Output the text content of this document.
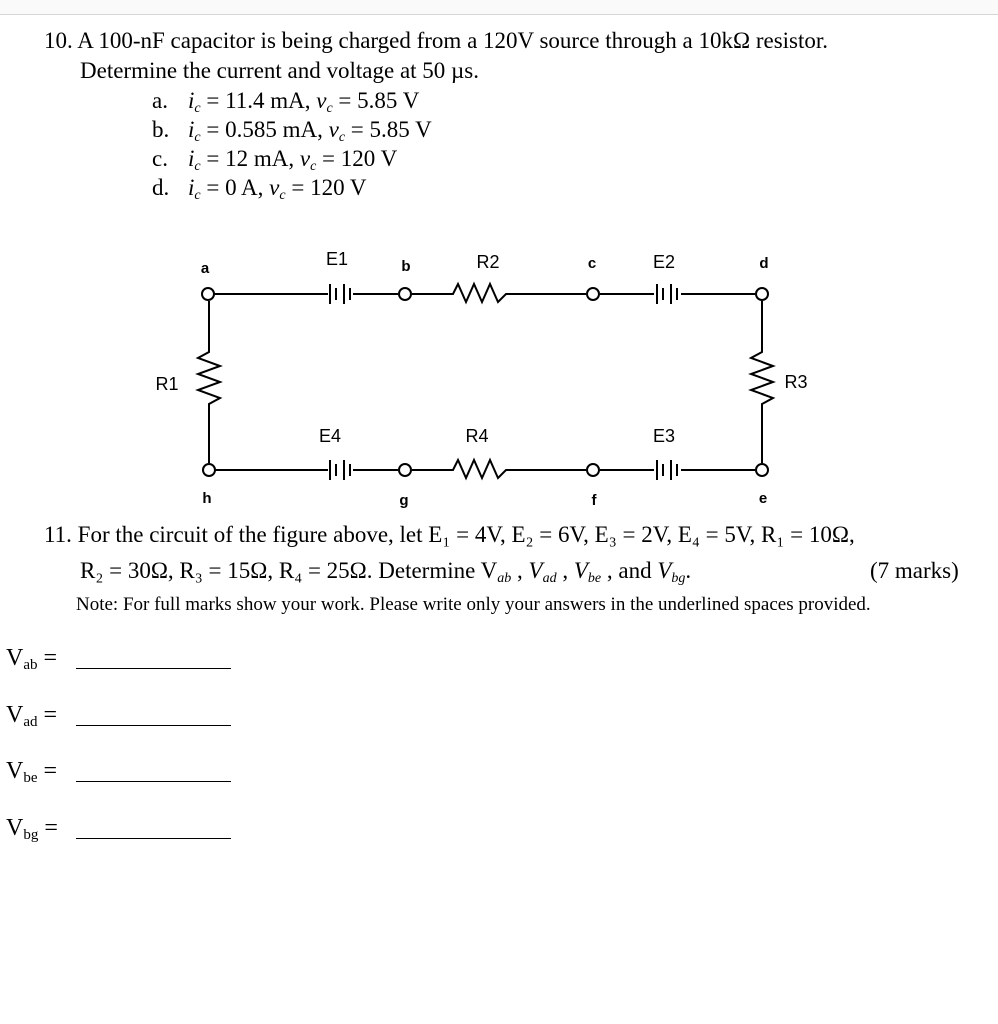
10. A 100-nF capacitor is being charged from a 120V source through a 10kΩ resistor.
Determine the current and voltage at 50 µs.
a. $i_c = 11.4$ mA, $v_c = 5.85$ V
b. $i_c = 0.585$ mA, $v_c = 5.85$ V
c. $i_c = 12$ mA, $v_c = 120$ V
d. $i_c = 0$ A, $v_c = 120$ V
a	b	c	d
e
f
g
h
E1	R2	E2
R1	R3
E4	R4	E3
11. For the circuit of the figure above, let E₁ = 4V, E₂ = 6V, E₃ = 2V, E₄ = 5V, R₁ = 10Ω,
R₂ = 30Ω, R₃ = 15Ω, R₄ = 25Ω. Determine $V_{ab}$ , $V_{ad}$ , $V_{be}$ , and $V_{bg}$.	(7 marks)
Note: For full marks show your work. Please write only your answers in the underlined spaces provided.
$V_{ab}$ =
$V_{ad}$ =
$V_{be}$ =
$V_{bg}$ =
